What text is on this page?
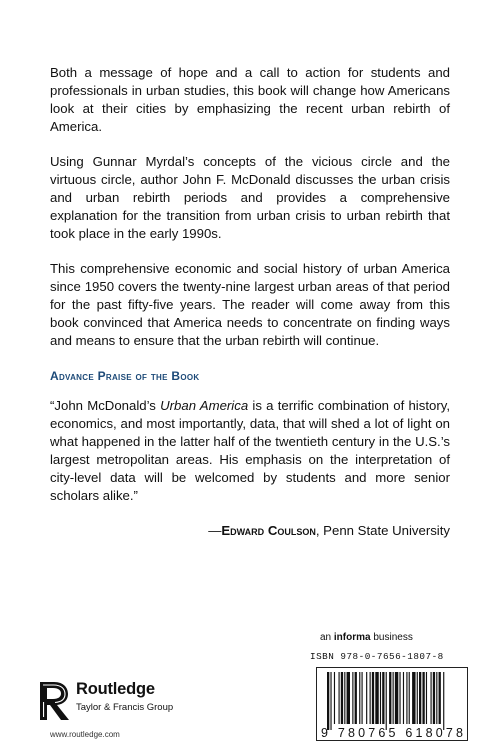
Both a message of hope and a call to action for students and professionals in urban studies, this book will change how Americans look at their cities by emphasizing the recent urban rebirth of America.

Using Gunnar Myrdal’s concepts of the vicious circle and the virtuous circle, author John F. McDonald discusses the urban crisis and urban rebirth periods and provides a comprehensive explanation for the transition from urban crisis to urban rebirth that took place in the early 1990s.

This comprehensive economic and social history of urban America since 1950 covers the twenty-nine largest urban areas of that period for the past fifty-five years. The reader will come away from this book convinced that America needs to concentrate on finding ways and means to ensure that the urban rebirth will continue.

Advance Praise of the Book

“John McDonald’s Urban America is a terrific combination of history, economics, and most importantly, data, that will shed a lot of light on what happened in the latter half of the twentieth century in the U.S.’s largest metropolitan areas. His emphasis on the interpretation of city-level data will be welcomed by students and more senior scholars alike.”

—Edward Coulson, Penn State University

Routledge
Taylor & Francis Group
www.routledge.com
an informa business
ISBN 978-0-7656-1807-8
9 780765 618078
